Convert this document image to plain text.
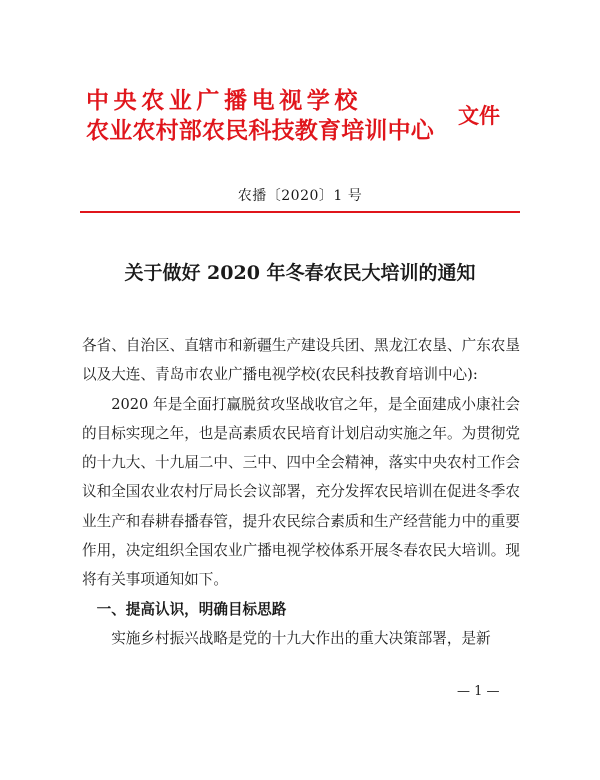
中央农业广播电视学校
农业农村部农民科技教育培训中心
文件
农播〔2020〕1 号
关于做好 2020 年冬春农民大培训的通知

各省、自治区、直辖市和新疆生产建设兵团、黑龙江农垦、广东农垦以及大连、青岛市农业广播电视学校(农民科技教育培训中心):

2020 年是全面打赢脱贫攻坚战收官之年，是全面建成小康社会的目标实现之年，也是高素质农民培育计划启动实施之年。为贯彻党的十九大、十九届二中、三中、四中全会精神，落实中央农村工作会议和全国农业农村厅局长会议部署，充分发挥农民培训在促进冬季农业生产和春耕春播春管，提升农民综合素质和生产经营能力中的重要作用，决定组织全国农业广播电视学校体系开展冬春农民大培训。现将有关事项通知如下。

一、提高认识，明确目标思路

实施乡村振兴战略是党的十九大作出的重大决策部署，是新

— 1 —
